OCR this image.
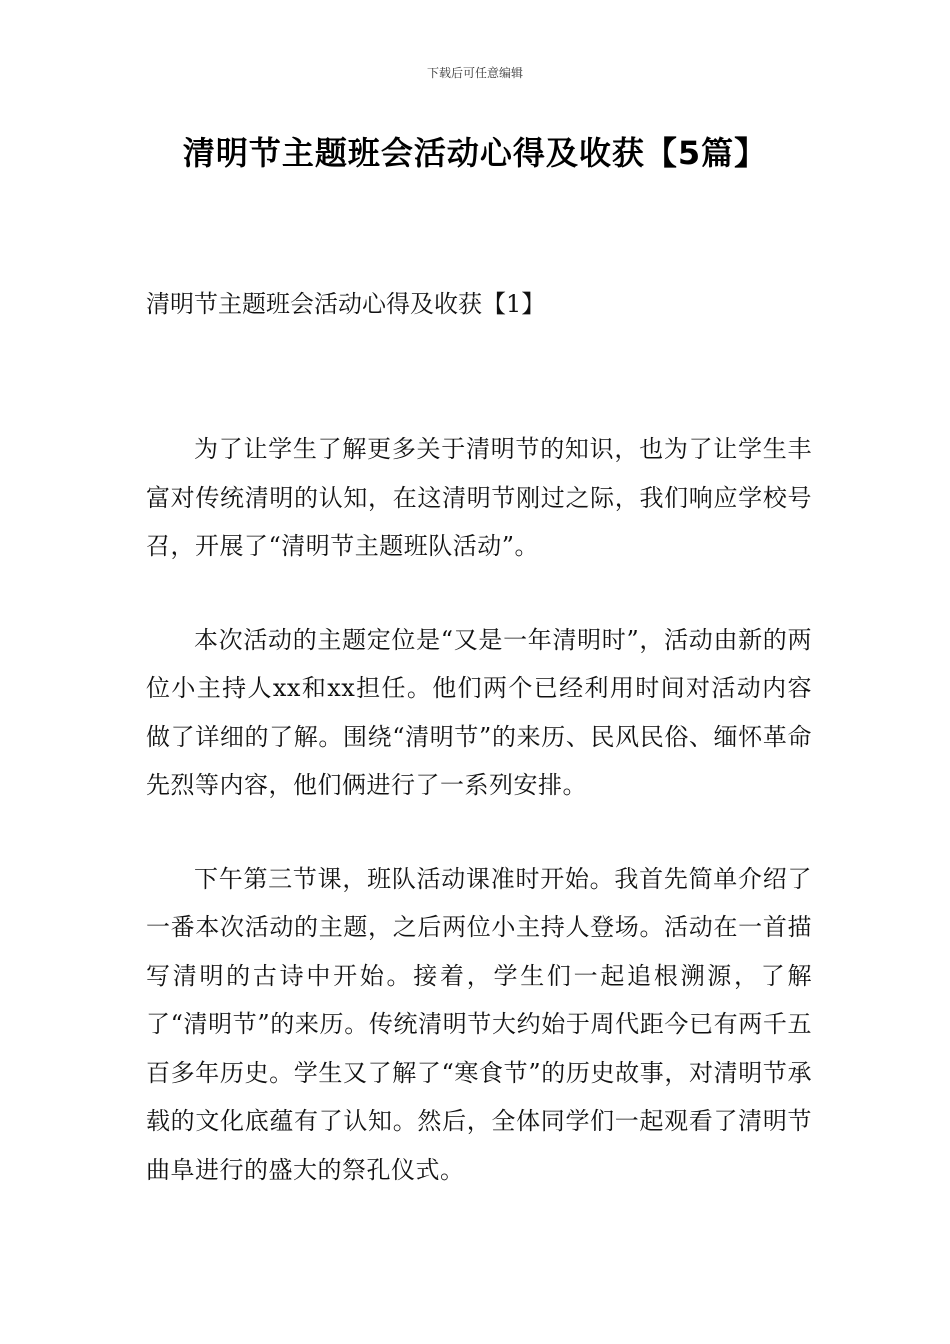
下载后可任意编辑
清明节主题班会活动心得及收获【5篇】
清明节主题班会活动心得及收获【1】

为了让学生了解更多关于清明节的知识，也为了让学生丰富对传统清明的认知，在这清明节刚过之际，我们响应学校号召，开展了“清明节主题班队活动”。

本次活动的主题定位是“又是一年清明时”，活动由新的两位小主持人xx和xx担任。他们两个已经利用时间对活动内容做了详细的了解。围绕“清明节”的来历、民风民俗、缅怀革命先烈等内容，他们俩进行了一系列安排。

下午第三节课，班队活动课准时开始。我首先简单介绍了一番本次活动的主题，之后两位小主持人登场。活动在一首描写清明的古诗中开始。接着，学生们一起追根溯源，了解了“清明节”的来历。传统清明节大约始于周代距今已有两千五百多年历史。学生又了解了“寒食节”的历史故事，对清明节承载的文化底蕴有了认知。然后，全体同学们一起观看了清明节曲阜进行的盛大的祭孔仪式。
